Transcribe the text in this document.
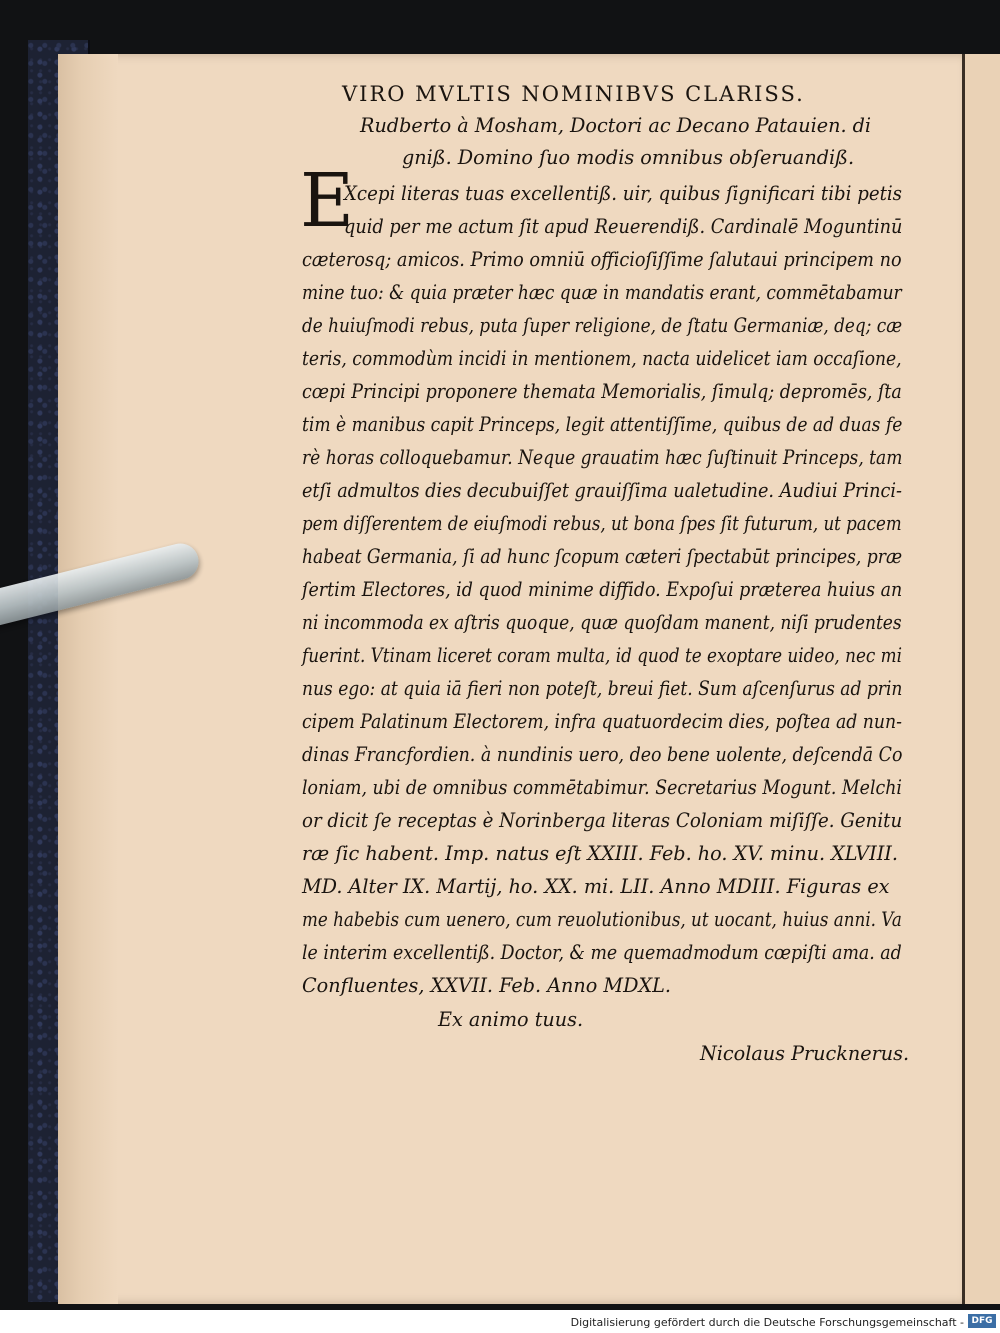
VIRO MVLTIS NOMINIBVS CLARISS.
Rudberto à Mosham, Doctori ac Decano Patauien. di
gniß. Domino ſuo modis omnibus obſeruandiß.
E
Xcepi literas tuas excellentiß. uir, quibus ſignificari tibi petis
quid per me actum ſit apud Reuerendiß. Cardinalē Moguntinū
cæterosq; amicos. Primo omniū officioſiſſime ſalutaui principem no
mine tuo: & quia præter hæc quæ in mandatis erant, commētabamur
de huiuſmodi rebus, puta ſuper religione, de ſtatu Germaniæ, deq; cæ
teris, commodùm incidi in mentionem, nacta uidelicet iam occaſione,
cœpi Principi proponere themata Memorialis, ſimulq; depromēs, ſta
tim è manibus capit Princeps, legit attentiſſime, quibus de ad duas fe
rè horas colloquebamur. Neque grauatim hæc ſuſtinuit Princeps, tam
etſi admultos dies decubuiſſet grauiſſima ualetudine. Audiui Princi-
pem diſſerentem de eiuſmodi rebus, ut bona ſpes ſit futurum, ut pacem
habeat Germania, ſi ad hunc ſcopum cæteri ſpectabūt principes, præ
ſertim Electores, id quod minime diffido. Expoſui præterea huius an
ni incommoda ex aſtris quoque, quæ quoſdam manent, niſi prudentes
fuerint. Vtinam liceret coram multa, id quod te exoptare uideo, nec mi
nus ego: at quia iā fieri non poteſt, breui fiet. Sum aſcenſurus ad prin
cipem Palatinum Electorem, infra quatuordecim dies, poſtea ad nun-
dinas Francfordien. à nundinis uero, deo bene uolente, deſcendā Co
loniam, ubi de omnibus commētabimur. Secretarius Mogunt. Melchi
or dicit ſe receptas è Norinberga literas Coloniam miſiſſe. Genitu
ræ ſic habent. Imp. natus eſt XXIII. Feb. ho. XV. minu. XLVIII.
MD. Alter IX. Martij, ho. XX. mi. LII. Anno MDIII. Figuras ex
me habebis cum uenero, cum reuolutionibus, ut uocant, huius anni. Va
le interim excellentiß. Doctor, & me quemadmodum cœpiſti ama. ad
Confluentes, XXVII. Feb. Anno MDXL.
Ex animo tuus.
Nicolaus Prucknerus.
Digitalisierung gefördert durch die Deutsche Forschungsgemeinschaft - DFG
